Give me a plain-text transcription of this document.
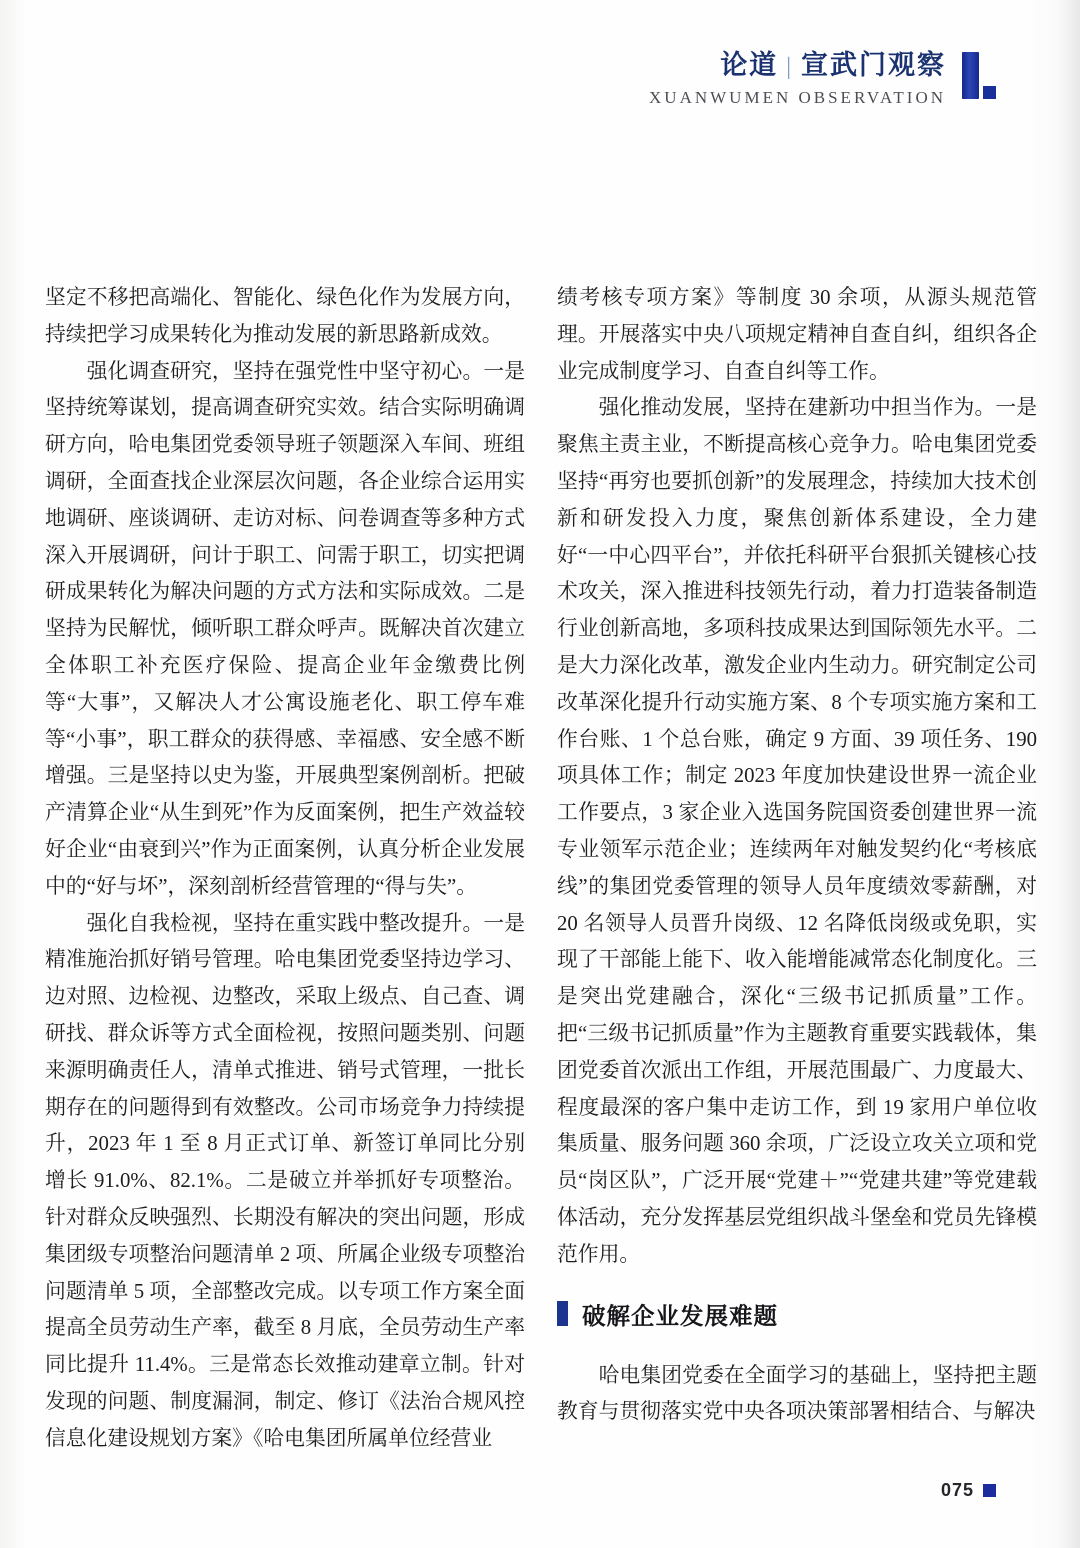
论道 | 宣武门观察
XUANWUMEN OBSERVATION

坚定不移把高端化、智能化、绿色化作为发展方向，持续把学习成果转化为推动发展的新思路新成效。

强化调查研究，坚持在强党性中坚守初心。一是坚持统筹谋划，提高调查研究实效。结合实际明确调研方向，哈电集团党委领导班子领题深入车间、班组调研，全面查找企业深层次问题，各企业综合运用实地调研、座谈调研、走访对标、问卷调查等多种方式深入开展调研，问计于职工、问需于职工，切实把调研成果转化为解决问题的方式方法和实际成效。二是坚持为民解忧，倾听职工群众呼声。既解决首次建立全体职工补充医疗保险、提高企业年金缴费比例等“大事”，又解决人才公寓设施老化、职工停车难等“小事”，职工群众的获得感、幸福感、安全感不断增强。三是坚持以史为鉴，开展典型案例剖析。把破产清算企业“从生到死”作为反面案例，把生产效益较好企业“由衰到兴”作为正面案例，认真分析企业发展中的“好与坏”，深刻剖析经营管理的“得与失”。

强化自我检视，坚持在重实践中整改提升。一是精准施治抓好销号管理。哈电集团党委坚持边学习、边对照、边检视、边整改，采取上级点、自己查、调研找、群众诉等方式全面检视，按照问题类别、问题来源明确责任人，清单式推进、销号式管理，一批长期存在的问题得到有效整改。公司市场竞争力持续提升，2023 年 1 至 8 月正式订单、新签订单同比分别增长 91.0%、82.1%。二是破立并举抓好专项整治。针对群众反映强烈、长期没有解决的突出问题，形成集团级专项整治问题清单 2 项、所属企业级专项整治问题清单 5 项，全部整改完成。以专项工作方案全面提高全员劳动生产率，截至 8 月底，全员劳动生产率同比提升 11.4%。三是常态长效推动建章立制。针对发现的问题、制度漏洞，制定、修订《法治合规风控信息化建设规划方案》《哈电集团所属单位经营业

绩考核专项方案》等制度 30 余项，从源头规范管理。开展落实中央八项规定精神自查自纠，组织各企业完成制度学习、自查自纠等工作。

强化推动发展，坚持在建新功中担当作为。一是聚焦主责主业，不断提高核心竞争力。哈电集团党委坚持“再穷也要抓创新”的发展理念，持续加大技术创新和研发投入力度，聚焦创新体系建设，全力建好“一中心四平台”，并依托科研平台狠抓关键核心技术攻关，深入推进科技领先行动，着力打造装备制造行业创新高地，多项科技成果达到国际领先水平。二是大力深化改革，激发企业内生动力。研究制定公司改革深化提升行动实施方案、8 个专项实施方案和工作台账、1 个总台账，确定 9 方面、39 项任务、190 项具体工作；制定 2023 年度加快建设世界一流企业工作要点，3 家企业入选国务院国资委创建世界一流专业领军示范企业；连续两年对触发契约化“考核底线”的集团党委管理的领导人员年度绩效零薪酬，对 20 名领导人员晋升岗级、12 名降低岗级或免职，实现了干部能上能下、收入能增能减常态化制度化。三是突出党建融合，深化“三级书记抓质量”工作。把“三级书记抓质量”作为主题教育重要实践载体，集团党委首次派出工作组，开展范围最广、力度最大、程度最深的客户集中走访工作，到 19 家用户单位收集质量、服务问题 360 余项，广泛设立攻关立项和党员“岗区队”，广泛开展“党建＋”“党建共建”等党建载体活动，充分发挥基层党组织战斗堡垒和党员先锋模范作用。

破解企业发展难题

哈电集团党委在全面学习的基础上，坚持把主题教育与贯彻落实党中央各项决策部署相结合、与解决

075
